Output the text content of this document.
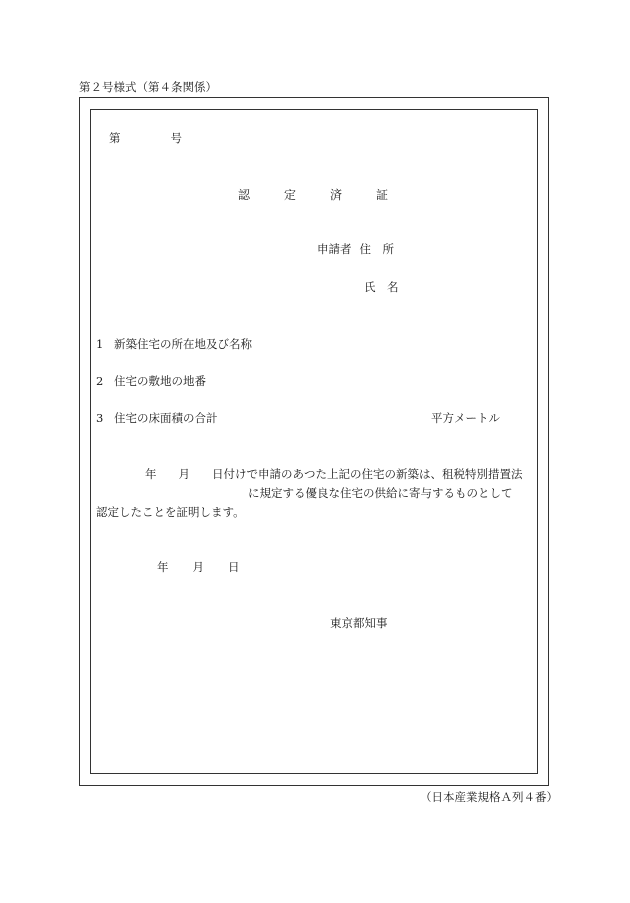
第２号様式（第４条関係）
第	号
認	定	済	証
申請者 住　所
氏　名
1 新築住宅の所在地及び名称
2 住宅の敷地の地番
3 住宅の床面積の合計	平方メートル
年 月 日付けで申請のあつた上記の住宅の新築は、租税特別措置法
に規定する優良な住宅の供給に寄与するものとして
認定したことを証明します。
年 月 日
東京都知事
（日本産業規格Ａ列４番）
